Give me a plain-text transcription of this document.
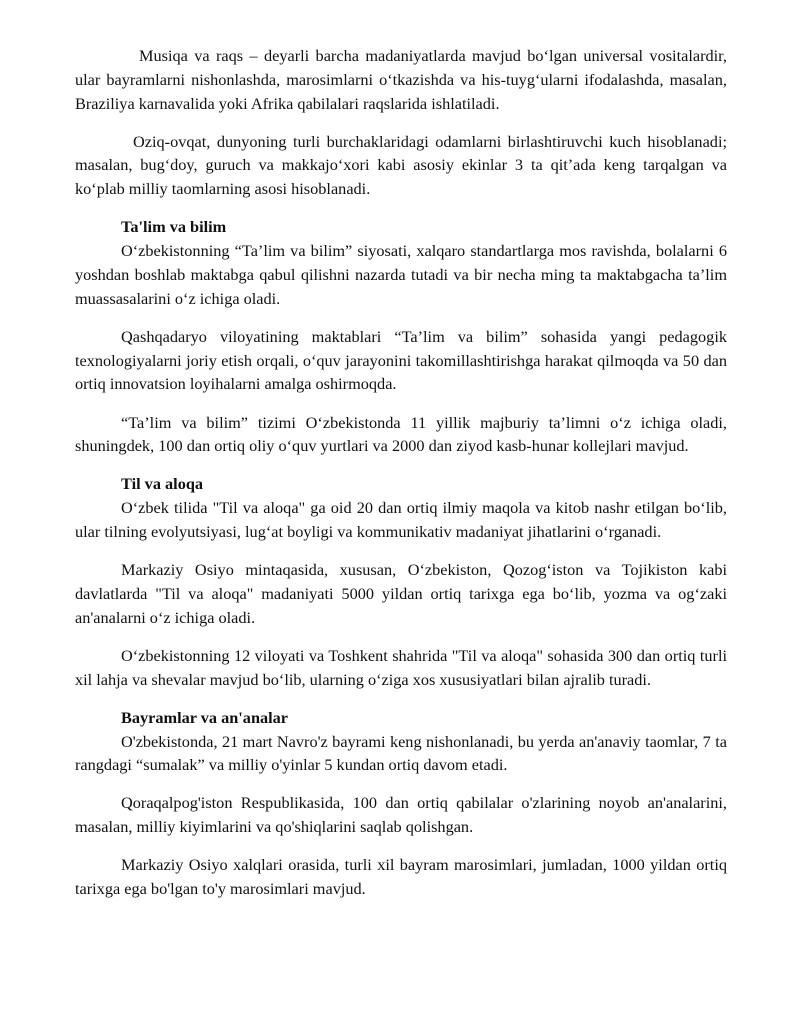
Musiqa va raqs – deyarli barcha madaniyatlarda mavjud boʻlgan universal vositalardir, ular bayramlarni nishonlashda, marosimlarni oʻtkazishda va his-tuygʻularni ifodalashda, masalan, Braziliya karnavalida yoki Afrika qabilalari raqslarida ishlatiladi.

Oziq-ovqat, dunyoning turli burchaklaridagi odamlarni birlashtiruvchi kuch hisoblanadi; masalan, bugʻdoy, guruch va makkajoʻxori kabi asosiy ekinlar 3 ta qitʼada keng tarqalgan va koʻplab milliy taomlarning asosi hisoblanadi.

Ta'lim va bilim

Oʻzbekistonning “Taʼlim va bilim” siyosati, xalqaro standartlarga mos ravishda, bolalarni 6 yoshdan boshlab maktabga qabul qilishni nazarda tutadi va bir necha ming ta maktabgacha taʼlim muassasalarini oʻz ichiga oladi.

Qashqadaryo viloyatining maktablari “Taʼlim va bilim” sohasida yangi pedagogik texnologiyalarni joriy etish orqali, oʻquv jarayonini takomillashtirishga harakat qilmoqda va 50 dan ortiq innovatsion loyihalarni amalga oshirmoqda.

“Taʼlim va bilim” tizimi Oʻzbekistonda 11 yillik majburiy taʼlimni oʻz ichiga oladi, shuningdek, 100 dan ortiq oliy oʻquv yurtlari va 2000 dan ziyod kasb-hunar kollejlari mavjud.

Til va aloqa

Oʻzbek tilida "Til va aloqa" ga oid 20 dan ortiq ilmiy maqola va kitob nashr etilgan boʻlib, ular tilning evolyutsiyasi, lugʻat boyligi va kommunikativ madaniyat jihatlarini oʻrganadi.

Markaziy Osiyo mintaqasida, xususan, Oʻzbekiston, Qozogʻiston va Tojikiston kabi davlatlarda "Til va aloqa" madaniyati 5000 yildan ortiq tarixga ega boʻlib, yozma va ogʻzaki an'analarni oʻz ichiga oladi.

Oʻzbekistonning 12 viloyati va Toshkent shahrida "Til va aloqa" sohasida 300 dan ortiq turli xil lahja va shevalar mavjud boʻlib, ularning oʻziga xos xususiyatlari bilan ajralib turadi.

Bayramlar va an'analar

O'zbekistonda, 21 mart Navro'z bayrami keng nishonlanadi, bu yerda an'anaviy taomlar, 7 ta rangdagi “sumalak” va milliy o'yinlar 5 kundan ortiq davom etadi.

Qoraqalpog'iston Respublikasida, 100 dan ortiq qabilalar o'zlarining noyob an'analarini, masalan, milliy kiyimlarini va qo'shiqlarini saqlab qolishgan.

Markaziy Osiyo xalqlari orasida, turli xil bayram marosimlari, jumladan, 1000 yildan ortiq tarixga ega bo'lgan to'y marosimlari mavjud.
